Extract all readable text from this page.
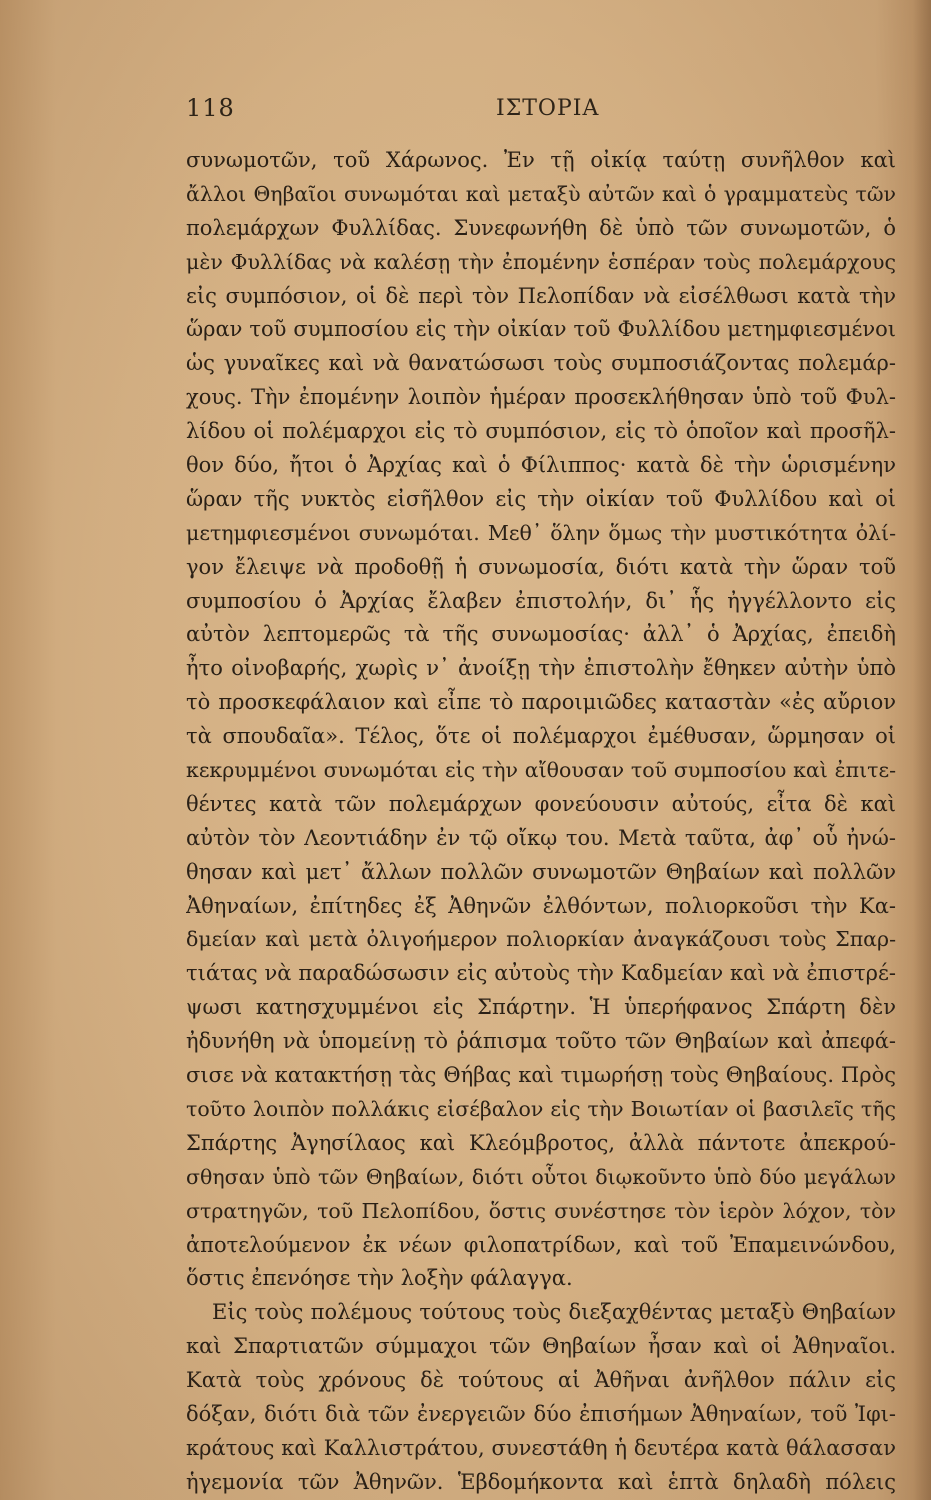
118	ΙΣΤΟΡΙΑ
συνωμοτῶν, τοῦ Χάρωνος. Ἐν τῇ οἰκίᾳ ταύτῃ συνῆλθον καὶ
ἄλλοι Θηβαῖοι συνωμόται καὶ μεταξὺ αὐτῶν καὶ ὁ γραμματεὺς τῶν
πολεμάρχων Φυλλίδας. Συνεφωνήθη δὲ ὑπὸ τῶν συνωμοτῶν, ὁ
μὲν Φυλλίδας νὰ καλέσῃ τὴν ἐπομένην ἑσπέραν τοὺς πολεμάρχους
εἰς συμπόσιον, οἱ δὲ περὶ τὸν Πελοπίδαν νὰ εἰσέλθωσι κατὰ τὴν
ὥραν τοῦ συμποσίου εἰς τὴν οἰκίαν τοῦ Φυλλίδου μετημφιεσμένοι
ὡς γυναῖκες καὶ νὰ θανατώσωσι τοὺς συμποσιάζοντας πολεμάρ-
χους. Τὴν ἐπομένην λοιπὸν ἡμέραν προσεκλήθησαν ὑπὸ τοῦ Φυλ-
λίδου οἱ πολέμαρχοι εἰς τὸ συμπόσιον, εἰς τὸ ὁποῖον καὶ προσῆλ-
θον δύο, ἤτοι ὁ Ἀρχίας καὶ ὁ Φίλιππος· κατὰ δὲ τὴν ὡρισμένην
ὥραν τῆς νυκτὸς εἰσῆλθον εἰς τὴν οἰκίαν τοῦ Φυλλίδου καὶ οἱ
μετημφιεσμένοι συνωμόται. Μεθ᾽ ὅλην ὅμως τὴν μυστικότητα ὀλί-
γον ἔλειψε νὰ προδοθῇ ἡ συνωμοσία, διότι κατὰ τὴν ὥραν τοῦ
συμποσίου ὁ Ἀρχίας ἔλαβεν ἐπιστολήν, δι᾽ ἧς ἠγγέλλοντο εἰς
αὐτὸν λεπτομερῶς τὰ τῆς συνωμοσίας· ἀλλ᾽ ὁ Ἀρχίας, ἐπειδὴ
ἦτο οἰνοβαρής, χωρὶς ν᾽ ἀνοίξῃ τὴν ἐπιστολὴν ἔθηκεν αὐτὴν ὑπὸ
τὸ προσκεφάλαιον καὶ εἶπε τὸ παροιμιῶδες καταστὰν «ἐς αὔριον
τὰ σπουδαῖα». Τέλος, ὅτε οἱ πολέμαρχοι ἐμέθυσαν, ὥρμησαν οἱ
κεκρυμμένοι συνωμόται εἰς τὴν αἴθουσαν τοῦ συμποσίου καὶ ἐπιτε-
θέντες κατὰ τῶν πολεμάρχων φονεύουσιν αὐτούς, εἶτα δὲ καὶ
αὐτὸν τὸν Λεοντιάδην ἐν τῷ οἴκῳ του. Μετὰ ταῦτα, ἀφ᾽ οὗ ἠνώ-
θησαν καὶ μετ᾽ ἄλλων πολλῶν συνωμοτῶν Θηβαίων καὶ πολλῶν
Ἀθηναίων, ἐπίτηδες ἐξ Ἀθηνῶν ἐλθόντων, πολιορκοῦσι τὴν Κα-
δμείαν καὶ μετὰ ὀλιγοήμερον πολιορκίαν ἀναγκάζουσι τοὺς Σπαρ-
τιάτας νὰ παραδώσωσιν εἰς αὐτοὺς τὴν Καδμείαν καὶ νὰ ἐπιστρέ-
ψωσι κατησχυμμένοι εἰς Σπάρτην. Ἡ ὑπερήφανος Σπάρτη δὲν
ἠδυνήθη νὰ ὑπομείνῃ τὸ ῥάπισμα τοῦτο τῶν Θηβαίων καὶ ἀπεφά-
σισε νὰ κατακτήσῃ τὰς Θήβας καὶ τιμωρήσῃ τοὺς Θηβαίους. Πρὸς
τοῦτο λοιπὸν πολλάκις εἰσέβαλον εἰς τὴν Βοιωτίαν οἱ βασιλεῖς τῆς
Σπάρτης Ἀγησίλαος καὶ Κλεόμβροτος, ἀλλὰ πάντοτε ἀπεκρού-
σθησαν ὑπὸ τῶν Θηβαίων, διότι οὗτοι διῳκοῦντο ὑπὸ δύο μεγάλων
στρατηγῶν, τοῦ Πελοπίδου, ὅστις συνέστησε τὸν ἱερὸν λόχον, τὸν
ἀποτελούμενον ἐκ νέων φιλοπατρίδων, καὶ τοῦ Ἐπαμεινώνδου,
ὅστις ἐπενόησε τὴν λοξὴν φάλαγγα.
Εἰς τοὺς πολέμους τούτους τοὺς διεξαχθέντας μεταξὺ Θηβαίων
καὶ Σπαρτιατῶν σύμμαχοι τῶν Θηβαίων ἦσαν καὶ οἱ Ἀθηναῖοι.
Κατὰ τοὺς χρόνους δὲ τούτους αἱ Ἀθῆναι ἀνῆλθον πάλιν εἰς
δόξαν, διότι διὰ τῶν ἐνεργειῶν δύο ἐπισήμων Ἀθηναίων, τοῦ Ἰφι-
κράτους καὶ Καλλιστράτου, συνεστάθη ἡ δευτέρα κατὰ θάλασσαν
ἡγεμονία τῶν Ἀθηνῶν. Ἑβδομήκοντα καὶ ἑπτὰ δηλαδὴ πόλεις
